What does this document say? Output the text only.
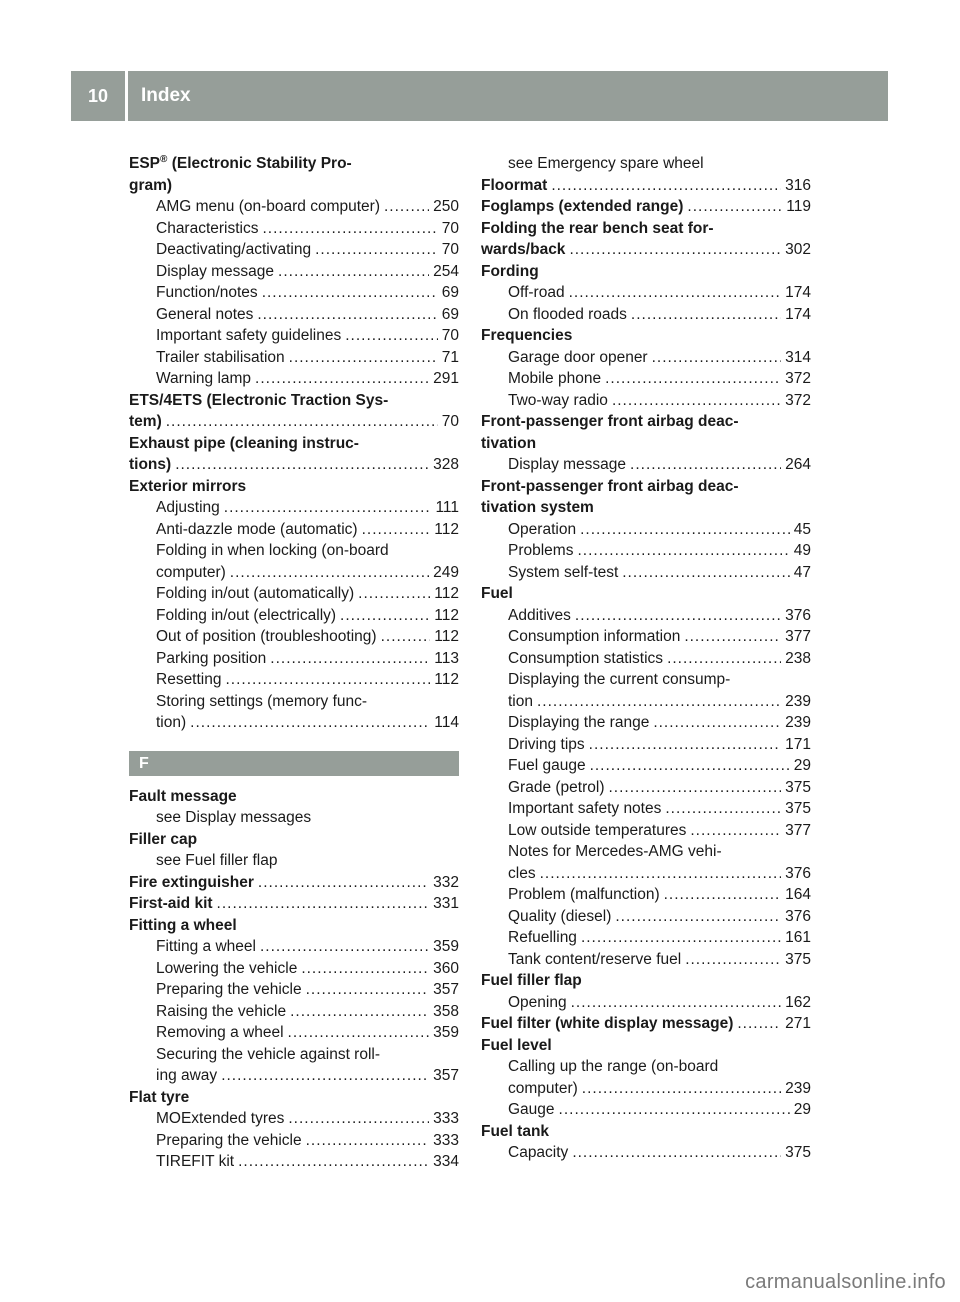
10	Index
ESP® (Electronic Stability Pro-
gram)
AMG menu (on-board computer) .....	250
Characteristics .....	70
Deactivating/activating .....	70
Display message .....	254
Function/notes .....	69
General notes .....	69
Important safety guidelines .....	70
Trailer stabilisation .....	71
Warning lamp .....	291
ETS/4ETS (Electronic Traction Sys-
tem) .....	70
Exhaust pipe (cleaning instruc-
tions) .....	328
Exterior mirrors
Adjusting .....	111
Anti-dazzle mode (automatic) .....	112
Folding in when locking (on-board
computer) .....	249
Folding in/out (automatically) .....	112
Folding in/out (electrically) .....	112
Out of position (troubleshooting) .....	112
Parking position .....	113
Resetting .....	112
Storing settings (memory func-
tion) .....	114
F
Fault message
see Display messages
Filler cap
see Fuel filler flap
Fire extinguisher .....	332
First-aid kit .....	331
Fitting a wheel
Fitting a wheel .....	359
Lowering the vehicle .....	360
Preparing the vehicle .....	357
Raising the vehicle .....	358
Removing a wheel .....	359
Securing the vehicle against roll-
ing away .....	357
Flat tyre
MOExtended tyres .....	333
Preparing the vehicle .....	333
TIREFIT kit .....	334
see Emergency spare wheel
Floormat .....	316
Foglamps (extended range) .....	119
Folding the rear bench seat for-
wards/back .....	302
Fording
Off-road .....	174
On flooded roads .....	174
Frequencies
Garage door opener .....	314
Mobile phone .....	372
Two-way radio .....	372
Front-passenger front airbag deac-
tivation
Display message .....	264
Front-passenger front airbag deac-
tivation system
Operation .....	45
Problems .....	49
System self-test .....	47
Fuel
Additives .....	376
Consumption information .....	377
Consumption statistics .....	238
Displaying the current consump-
tion .....	239
Displaying the range .....	239
Driving tips .....	171
Fuel gauge .....	29
Grade (petrol) .....	375
Important safety notes .....	375
Low outside temperatures .....	377
Notes for Mercedes-AMG vehi-
cles .....	376
Problem (malfunction) .....	164
Quality (diesel) .....	376
Refuelling .....	161
Tank content/reserve fuel .....	375
Fuel filler flap
Opening .....	162
Fuel filter (white display message) .....	271
Fuel level
Calling up the range (on-board
computer) .....	239
Gauge .....	29
Fuel tank
Capacity .....	375
carmanualsonline.info
